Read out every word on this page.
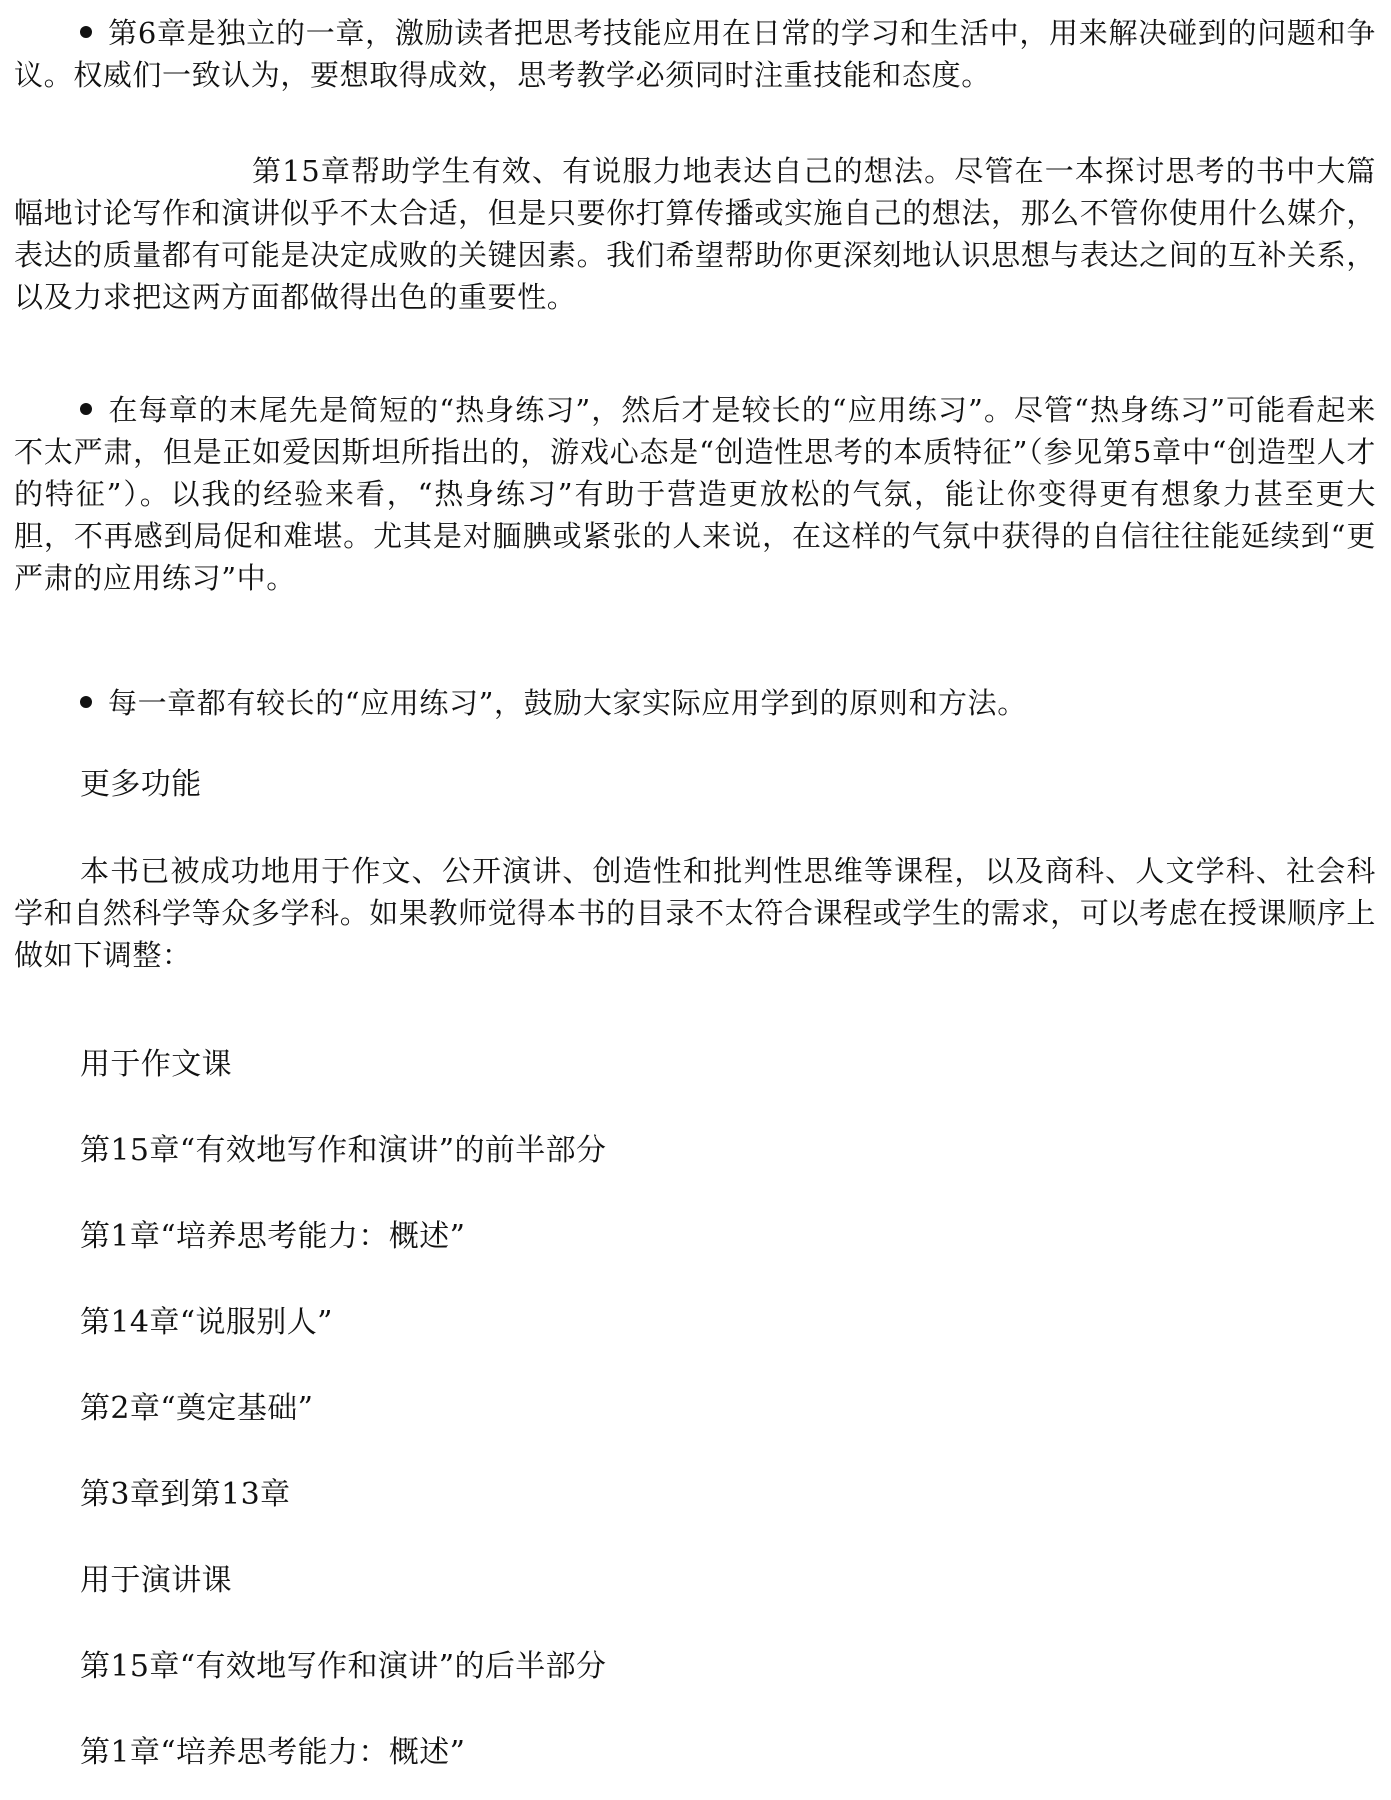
第6章是独立的一章，激励读者把思考技能应用在日常的学习和生活中，用来解决碰到的问题和争议。权威们一致认为，要想取得成效，思考教学必须同时注重技能和态度。

第15章帮助学生有效、有说服力地表达自己的想法。尽管在一本探讨思考的书中大篇幅地讨论写作和演讲似乎不太合适，但是只要你打算传播或实施自己的想法，那么不管你使用什么媒介，表达的质量都有可能是决定成败的关键因素。我们希望帮助你更深刻地认识思想与表达之间的互补关系，以及力求把这两方面都做得出色的重要性。

在每章的末尾先是简短的“热身练习”，然后才是较长的“应用练习”。尽管“热身练习”可能看起来不太严肃，但是正如爱因斯坦所指出的，游戏心态是“创造性思考的本质特征”（参见第5章中“创造型人才的特征”）。以我的经验来看，“热身练习”有助于营造更放松的气氛，能让你变得更有想象力甚至更大胆，不再感到局促和难堪。尤其是对腼腆或紧张的人来说，在这样的气氛中获得的自信往往能延续到“更严肃的应用练习”中。

每一章都有较长的“应用练习”，鼓励大家实际应用学到的原则和方法。

更多功能

本书已被成功地用于作文、公开演讲、创造性和批判性思维等课程，以及商科、人文学科、社会科学和自然科学等众多学科。如果教师觉得本书的目录不太符合课程或学生的需求，可以考虑在授课顺序上做如下调整：

用于作文课

第15章“有效地写作和演讲”的前半部分

第1章“培养思考能力：概述”

第14章“说服别人”

第2章“奠定基础”

第3章到第13章

用于演讲课

第15章“有效地写作和演讲”的后半部分

第1章“培养思考能力：概述”
